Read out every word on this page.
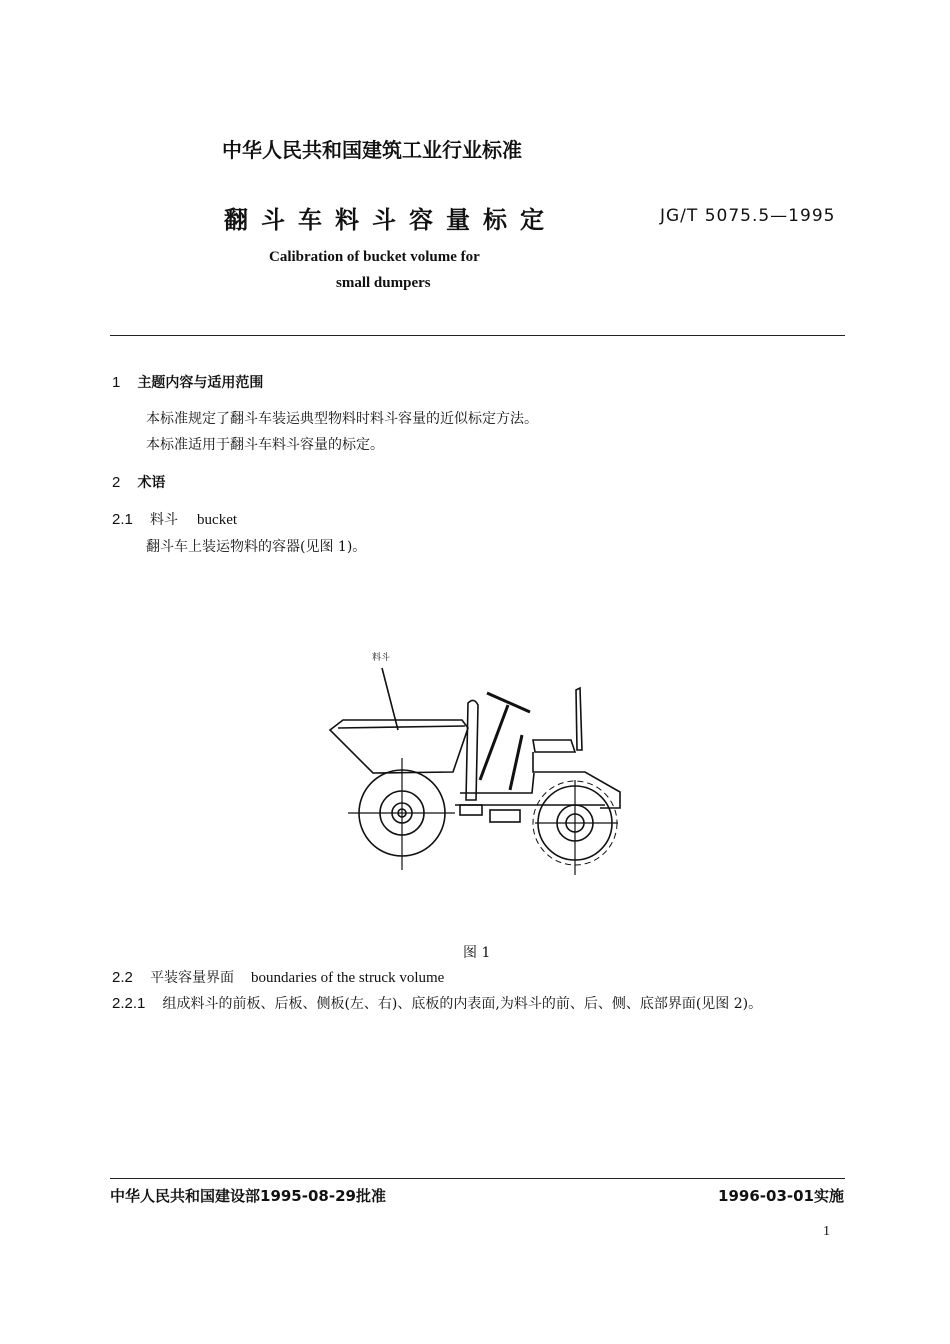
中华人民共和国建筑工业行业标准
翻斗车料斗容量标定	JG/T 5075.5—1995
Calibration of bucket volume for
small dumpers
1 主题内容与适用范围
本标准规定了翻斗车装运典型物料时料斗容量的近似标定方法。
本标准适用于翻斗车料斗容量的标定。
2 术语
2.1 料斗 bucket
翻斗车上装运物料的容器(见图 1)。
料斗
图 1
2.2 平装容量界面 boundaries of the struck volume
2.2.1 组成料斗的前板、后板、侧板(左、右)、底板的内表面,为料斗的前、后、侧、底部界面(见图 2)。
中华人民共和国建设部1995-08-29批准	1996-03-01实施
1
